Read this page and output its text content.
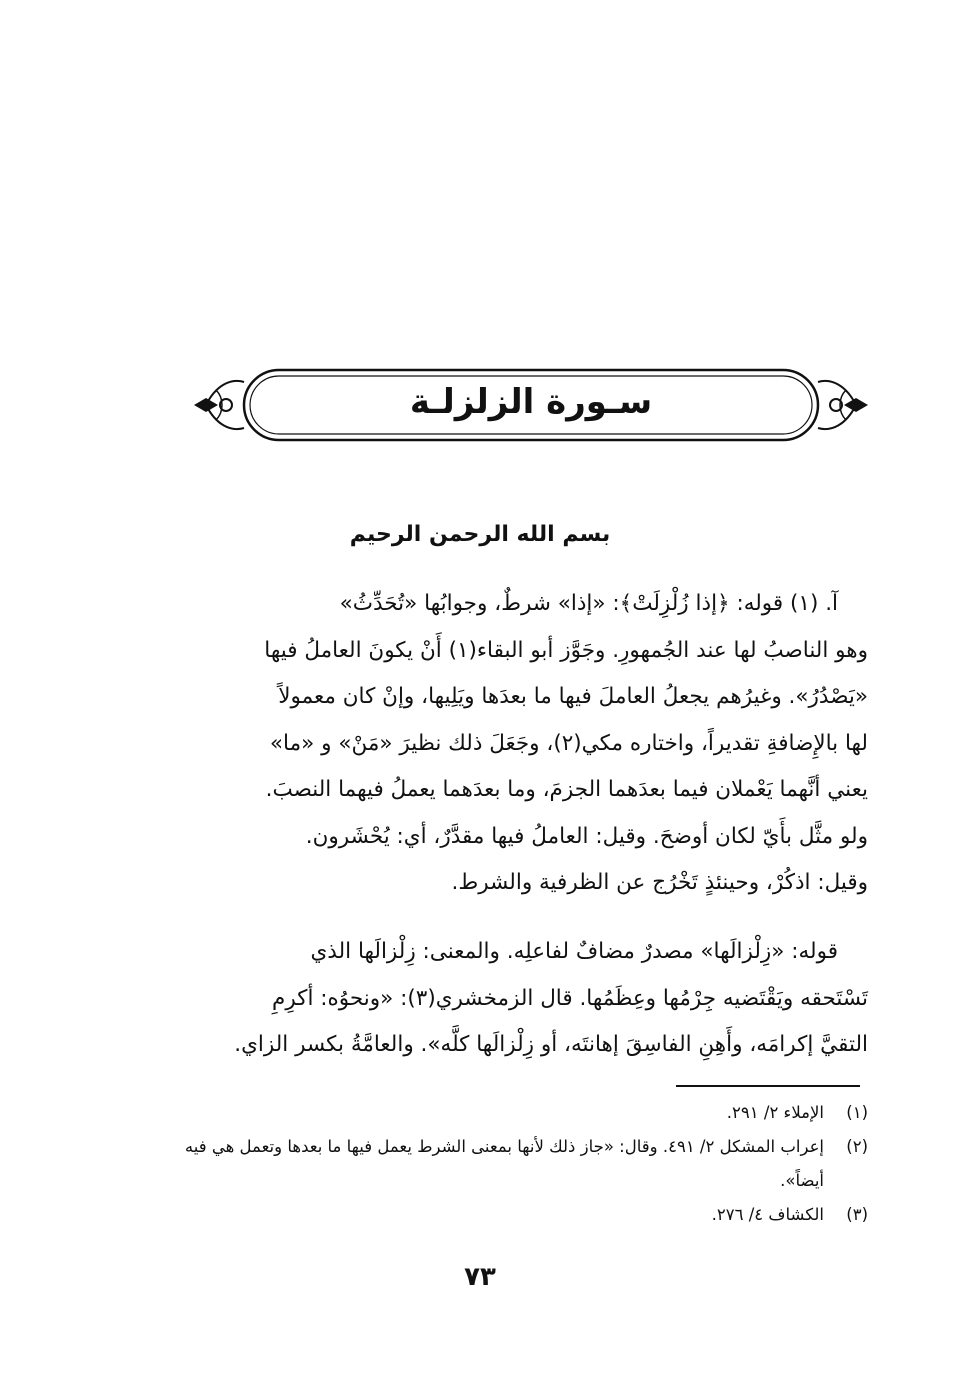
سـورة الزلزلـة
بسم الله الرحمن الرحيم
آ. (١) قوله: ﴿إذا زُلْزِلَتْ﴾: «إذا» شرطٌ، وجوابُها «تُحَدِّثُ»
وهو الناصبُ لها عند الجُمهورِ. وجَوَّز أبو البقاء(١) أَنْ يكونَ العاملُ فيها
«يَصْدُرُ». وغيرُهم يجعلُ العاملَ فيها ما بعدَها ويَلِيها، وإنْ كان معمولاً
لها بالإِضافةِ تقديراً، واختاره مكي(٢)، وجَعَلَ ذلك نظيرَ «مَنْ» و «ما»
يعني أنَّهما يَعْملان فيما بعدَهما الجزمَ، وما بعدَهما يعملُ فيهما النصبَ.
ولو مثَّل بأَيّ لكان أوضحَ. وقيل: العاملُ فيها مقدَّرٌ، أي: يُحْشَرون.
وقيل: اذكُرْ، وحينئذٍ تَخْرُج عن الظرفية والشرط.
قوله: «زِلْزالَها» مصدرٌ مضافٌ لفاعلِه. والمعنى: زِلْزالَها الذي
تَسْتَحقه ويَقْتَضيه جِرْمُها وعِظَمُها. قال الزمخشري(٣): «ونحوُه: أكرِمِ
التقيَّ إكرامَه، وأَهِنِ الفاسِقَ إهانتَه، أو زِلْزالَها كلَّه». والعامَّةُ بكسر الزاي.
(١)
الإملاء ٢/ ٢٩١.
(٢)
إعراب المشكل ٢/ ٤٩١. وقال: «جاز ذلك لأنها بمعنى الشرط يعمل فيها ما بعدها وتعمل هي فيه أيضاً».
(٣)
الكشاف ٤/ ٢٧٦.
٧٣
